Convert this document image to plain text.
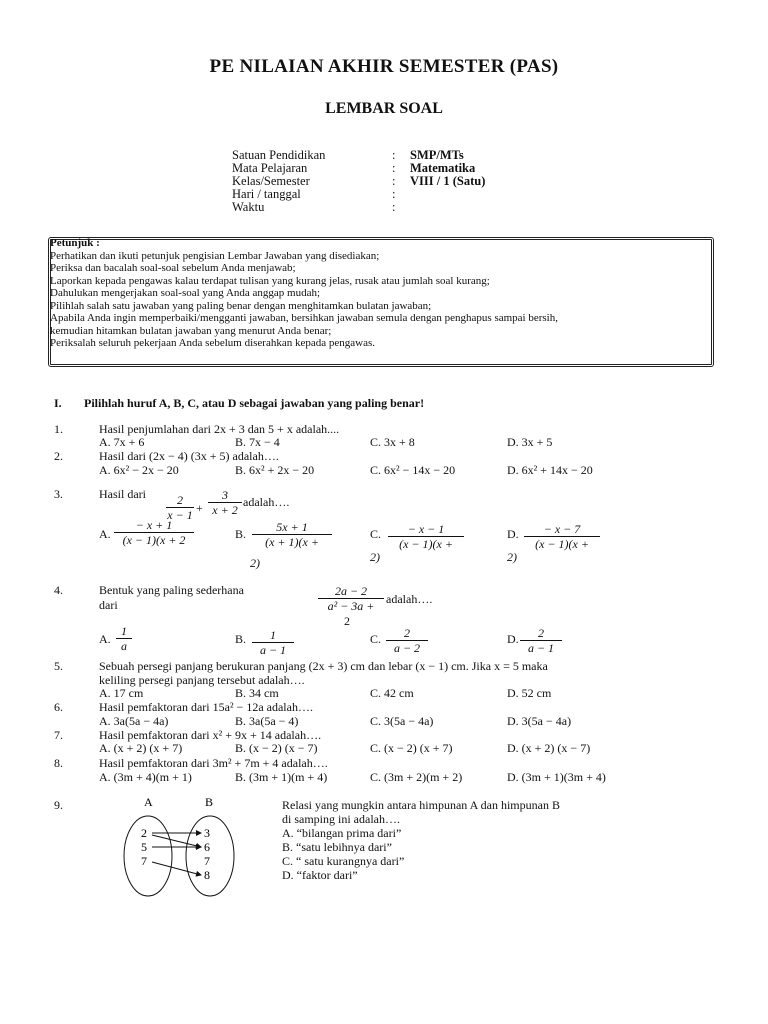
PE NILAIAN AKHIR SEMESTER (PAS)
LEMBAR SOAL
Satuan Pendidikan	: SMP/MTs
Mata Pelajaran	: Matematika
Kelas/Semester	: VIII / 1 (Satu)
Hari / tanggal	:
Waktu	:
Petunjuk :
Perhatikan dan ikuti petunjuk pengisian Lembar Jawaban yang disediakan;
Periksa dan bacalah soal-soal sebelum Anda menjawab;
Laporkan kepada pengawas kalau terdapat tulisan yang kurang jelas, rusak atau jumlah soal kurang;
Dahulukan mengerjakan soal-soal yang Anda anggap mudah;
Pilihlah salah satu jawaban yang paling benar dengan menghitamkan bulatan jawaban;
Apabila Anda ingin memperbaiki/mengganti jawaban, bersihkan jawaban semula dengan penghapus sampai bersih,
kemudian hitamkan bulatan jawaban yang menurut Anda benar;
Periksalah seluruh pekerjaan Anda sebelum diserahkan kepada pengawas.
I. Pilihlah huruf A, B, C, atau D sebagai jawaban yang paling benar!
1.	Hasil penjumlahan dari 2x + 3 dan 5 + x adalah....
A. 7x + 6	B. 7x − 4	C. 3x + 8	D. 3x + 5
2.	Hasil dari (2x − 4) (3x + 5) adalah….
A. 6x² − 2x − 20	B. 6x² + 2x − 20	C. 6x² − 14x − 20	D. 6x² + 14x − 20
3.	Hasil dari $\frac{2}{x - 1} + \frac{3}{x + 2}$ adalah….
A. $\frac{- x + 1}{(x - 1)(x + 2}$	B. $\frac{5x + 1}{(x + 1)(x +}$
2)
C. $\frac{- x - 1}{(x - 1)(x +}$
2)
D. $\frac{- x - 7}{(x - 1)(x +}$
2)
4.	Bentuk yang paling sederhana
dari	$\frac{2a - 2}{\text{a² − 3a +}}$
2
adalah….
A. $\frac{1}{a}$	B. $\frac{1}{a - 1}$	C. $\frac{2}{a - 2}$	D. $\frac{2}{a - 1}$
5.	Sebuah persegi panjang berukuran panjang (2x + 3) cm dan lebar (x − 1) cm. Jika x = 5 maka
keliling persegi panjang tersebut adalah….
A. 17 cm	B. 34 cm	C. 42 cm	D. 52 cm
6.	Hasil pemfaktoran dari 15a² − 12a adalah….
A. 3a(5a − 4a)	B. 3a(5a − 4)	C. 3(5a − 4a)	D. 3(5a − 4a)
7.	Hasil pemfaktoran dari x² + 9x + 14 adalah….
A. (x + 2) (x + 7)	B. (x − 2) (x − 7)	C. (x − 2) (x + 7)	D. (x + 2) (x − 7)
8.	Hasil pemfaktoran dari 3m² + 7m + 4 adalah….
A. (3m + 4)(m + 1)	B. (3m + 1)(m + 4)	C. (3m + 2)(m + 2)	D. (3m + 1)(3m + 4)
9.	A	B
2
5
7
3
6
7
8
Relasi yang mungkin antara himpunan A dan himpunan B
di samping ini adalah….
A. “bilangan prima dari”
B. “satu lebihnya dari”
C. “ satu kurangnya dari”
D. “faktor dari”
